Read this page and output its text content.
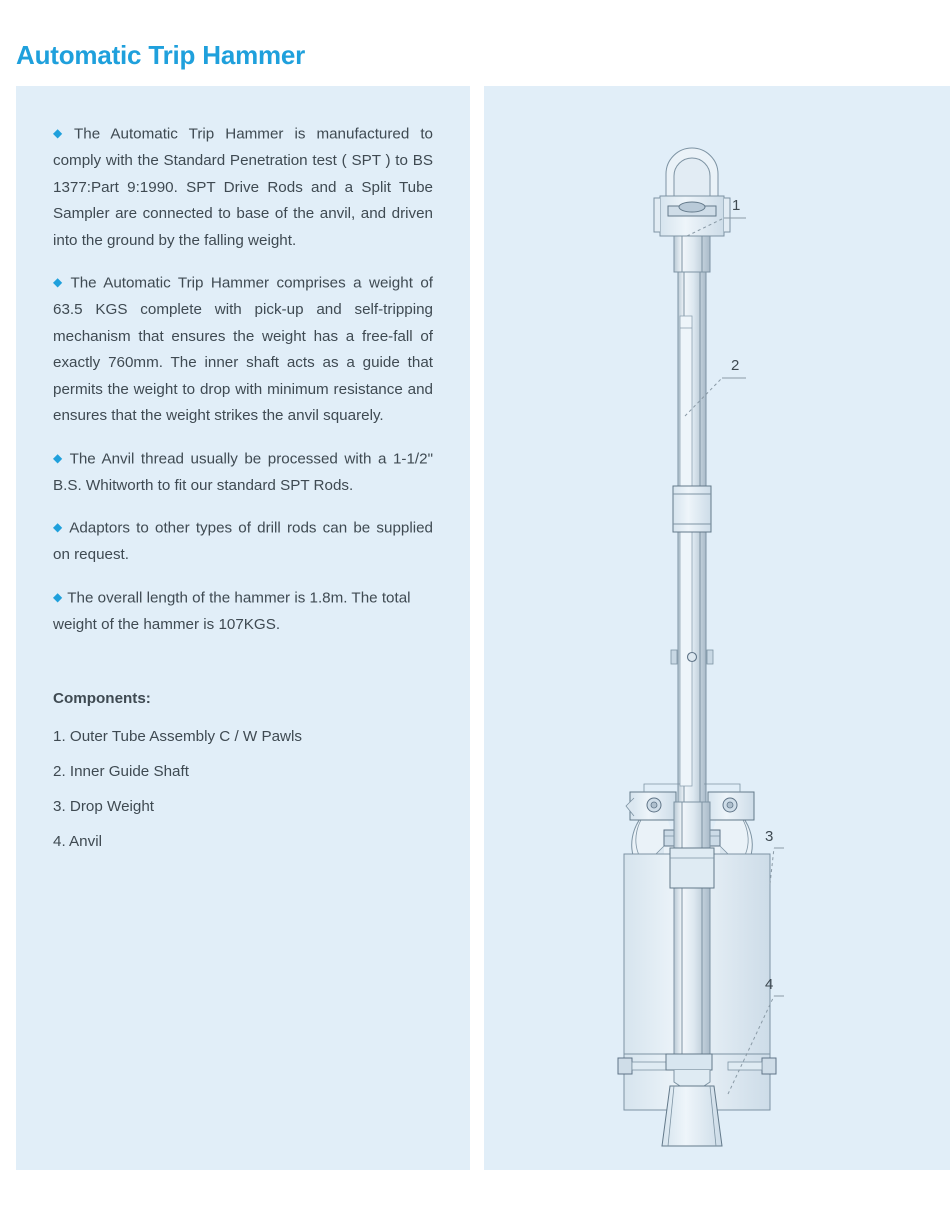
Automatic Trip Hammer

◆ The Automatic Trip Hammer is manufactured to comply with the Standard Penetration test ( SPT ) to BS 1377:Part 9:1990. SPT Drive Rods and a Split Tube Sampler are connected to base of the anvil, and driven into the ground by the falling weight.

◆ The Automatic Trip Hammer comprises a weight of 63.5 KGS complete with pick-up and self-tripping mechanism that ensures the weight has a free-fall of exactly 760mm. The inner shaft acts as a guide that permits the weight to drop with minimum resistance and ensures that the weight strikes the anvil squarely.

◆ The Anvil thread usually be processed with a 1-1/2" B.S. Whitworth to fit our standard SPT Rods.

◆ Adaptors to other types of drill rods can be supplied on request.

◆ The overall length of the hammer is 1.8m. The total weight of the hammer is 107KGS.

Components:
1. Outer Tube Assembly C / W Pawls
2. Inner Guide Shaft
3. Drop Weight
4. Anvil
1
2
3
4
